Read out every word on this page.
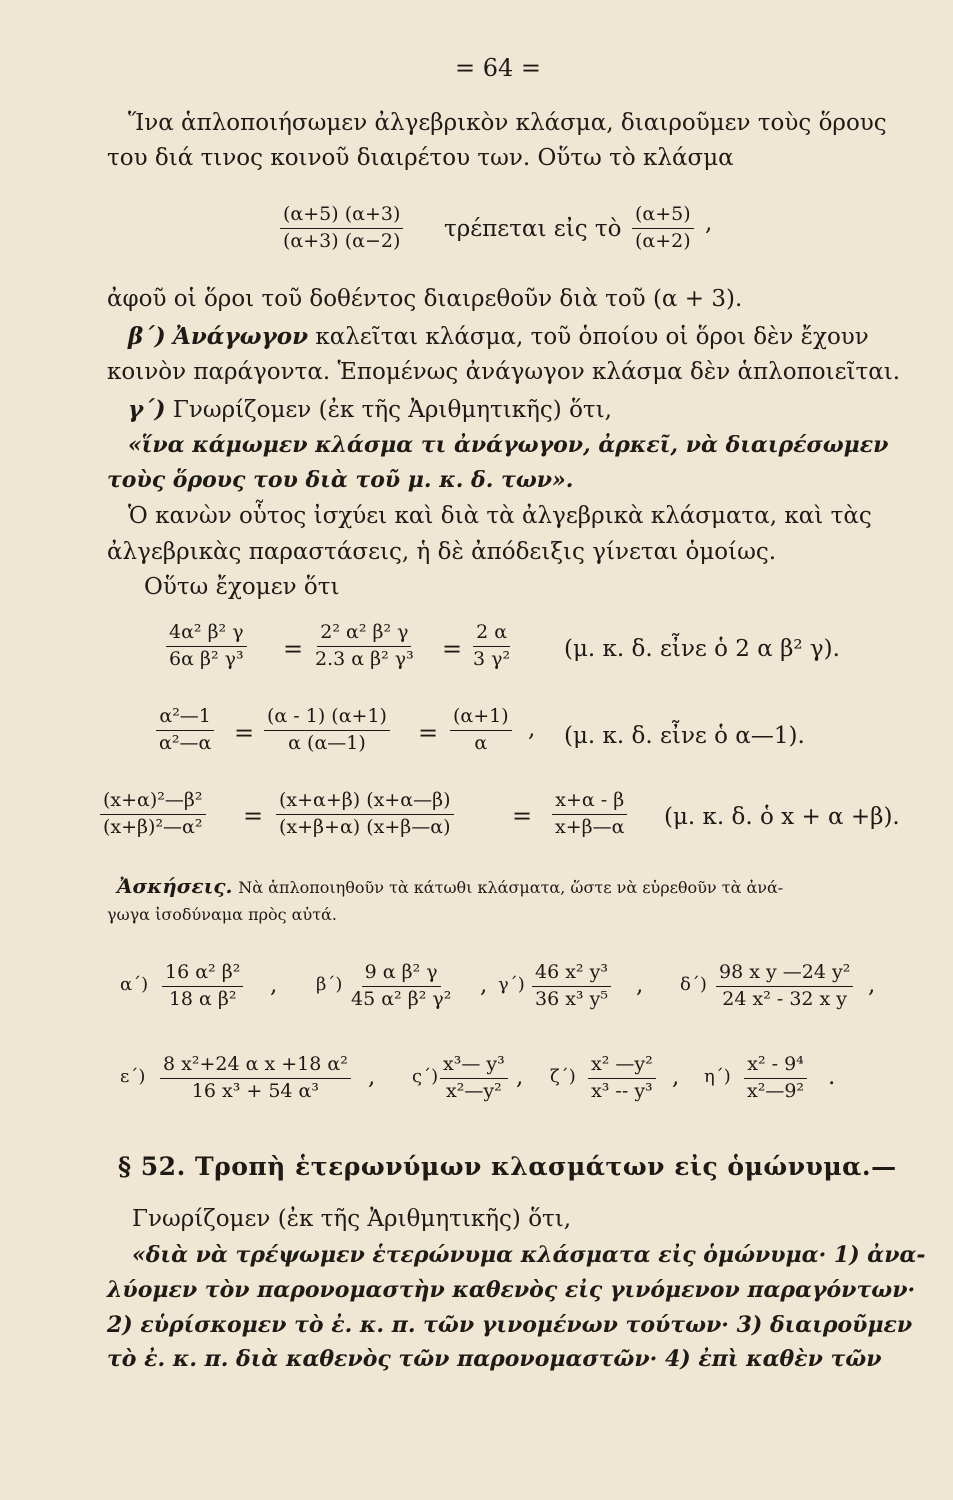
= 64 =
Ἵνα ἁπλοποιήσωμεν ἀλγεβρικὸν κλάσμα, διαιροῦμεν τοὺς ὅρους
του διά τινος κοινοῦ διαιρέτου των. Οὕτω τὸ κλάσμα
$\frac{(\alpha+5) (\alpha+3)}{(\alpha+3) (\alpha-2)}$ τρέπεται εἰς τὸ $\frac{(\alpha+5)}{(\alpha+2)}$ ,
ἀφοῦ οἱ ὅροι τοῦ δοθέντος διαιρεθοῦν διὰ τοῦ (α + 3).
β΄) Ἀνάγωγον καλεῖται κλάσμα, τοῦ ὁποίου οἱ ὅροι δὲν ἔχουν
κοινὸν παράγοντα. Ἑπομένως ἀνάγωγον κλάσμα δὲν ἁπλοποιεῖται.
γ΄) Γνωρίζομεν (ἐκ τῆς Ἀριθμητικῆς) ὅτι,
«ἵνα κάμωμεν κλάσμα τι ἀνάγωγον, ἀρκεῖ, νὰ διαιρέσωμεν
τοὺς ὅρους του διὰ τοῦ μ. κ. δ. των».
Ὁ κανὼν οὗτος ἰσχύει καὶ διὰ τὰ ἀλγεβρικὰ κλάσματα, καὶ τὰς
ἀλγεβρικὰς παραστάσεις, ἡ δὲ ἀπόδειξις γίνεται ὁμοίως.
Οὕτω ἔχομεν ὅτι
$\frac{\text{4α² β² γ}}{\text{6α β² γ³}} = \frac{\text{2² α² β² γ}}{\text{2.3 α β² γ³}} = \frac{2 \alpha}{\text{3 γ²}} (\mu$. κ. δ. εἶνε ὁ 2 α β² γ).
$\frac{\text{α²—1}}{\text{α²—α}} = \frac{(\alpha - 1) (\alpha+1)}{\alpha (\alpha—1)} = \frac{(\alpha+1)}{\alpha}$ , (μ. κ. δ. εἶνε ὁ α—1).
$\frac{\text{(x+α)²—β²}}{\text{(x+β)²—α²}} = \frac{(x+\alpha+\beta) (x+\alpha—\beta)}{(x+\beta+\alpha) (x+\beta—\alpha)} = \frac{x+\alpha - \beta}{x+\beta—\alpha} (\mu$. κ. δ. ὁ x + α +β).
Ἀσκήσεις. Νὰ ἁπλοποιηθοῦν τὰ κάτωθι κλάσματα, ὥστε νὰ εὑρεθοῦν τὰ ἀνά-
γωγα ἰσοδύναμα πρὸς αὐτά.
$\alpha΄) \frac{\text{16 α² β²}}{\text{18 α β²}}$ , $\beta΄) \frac{\text{9 α β² γ}}{\text{45 α² β² γ²}}$ , $\gamma΄) \frac{\text{46 x² y³}}{\text{36 x³ y⁵}}$ , $\delta΄) \frac{\text{98 x y —24 y²}}{\text{24 x² - 32 x y}}$ ,
$\varepsilon΄) \frac{\text{8 x²+24 α x +18 α²}}{\text{16 x³ + 54 α³}}$ , $\varsigma΄) \frac{\text{x³— y³}}{\text{x²—y²}}$ , $\zeta΄) \frac{\text{x² —y²}}{\text{x³ -- y³}}$ , $\eta΄) \frac{\text{x² - 9⁴}}{\text{x²—9²}}$ .
§ 52. Τροπὴ ἑτερωνύμων κλασμάτων εἰς ὁμώνυμα.—
Γνωρίζομεν (ἐκ τῆς Ἀριθμητικῆς) ὅτι,
«διὰ νὰ τρέψωμεν ἑτερώνυμα κλάσματα εἰς ὁμώνυμα· 1) ἀνα-
λύομεν τὸν παρονομαστὴν καθενὸς εἰς γινόμενον παραγόντων·
2) εὑρίσκομεν τὸ ἐ. κ. π. τῶν γινομένων τούτων· 3) διαιροῦμεν
τὸ ἐ. κ. π. διὰ καθενὸς τῶν παρονομαστῶν· 4) ἐπὶ καθὲν τῶν
